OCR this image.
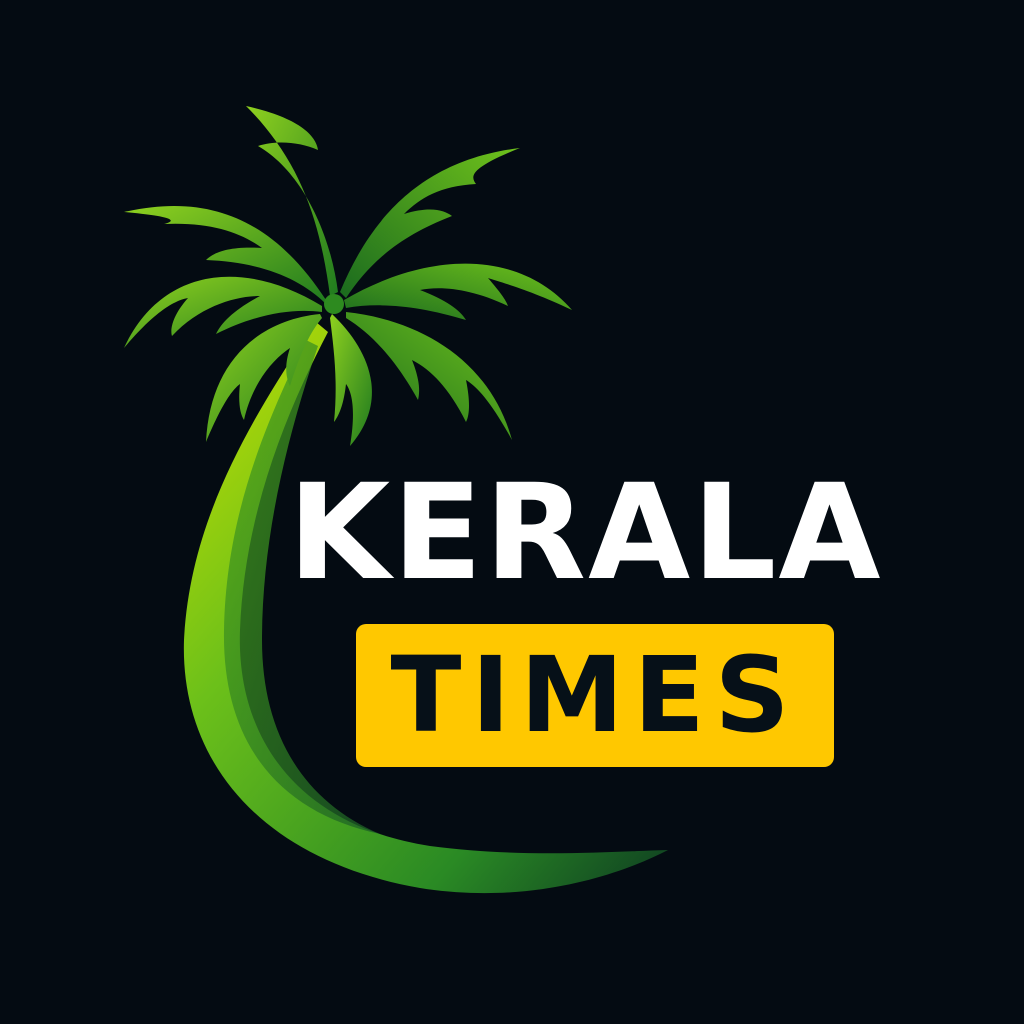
KERALA
TIMES
